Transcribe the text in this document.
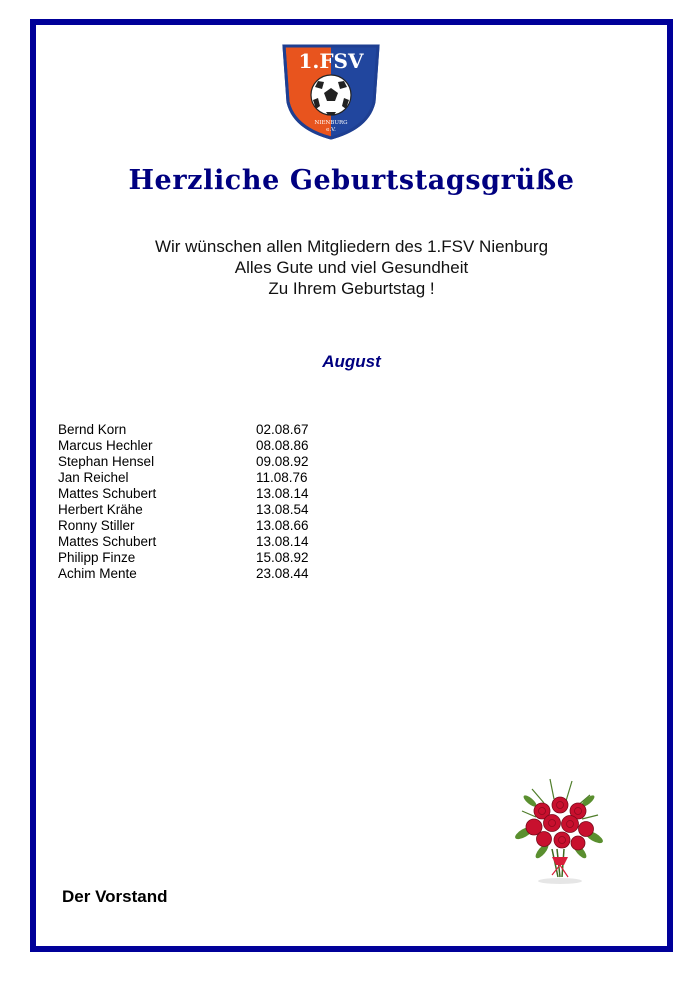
1.FSV
NIENBURG
e.V.
Herzliche Geburtstagsgrüße
Wir wünschen allen Mitgliedern des 1.FSV Nienburg
Alles Gute und viel Gesundheit
Zu Ihrem Geburtstag !
August
Bernd Korn	02.08.67
Marcus Hechler	08.08.86
Stephan Hensel	09.08.92
Jan Reichel	11.08.76
Mattes Schubert	13.08.14
Herbert Krähe	13.08.54
Ronny Stiller	13.08.66
Mattes Schubert	13.08.14
Philipp Finze	15.08.92
Achim Mente	23.08.44
Der Vorstand
